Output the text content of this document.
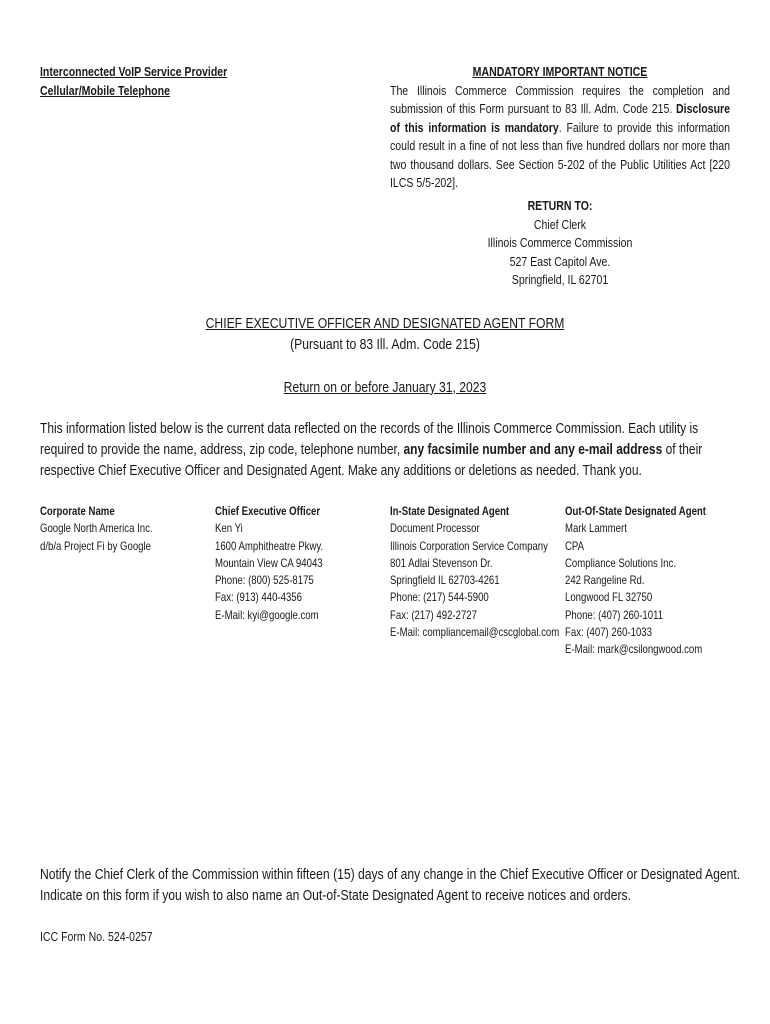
Interconnected VoIP Service Provider
Cellular/Mobile Telephone
MANDATORY IMPORTANT NOTICE
The Illinois Commerce Commission requires the completion and submission of this Form pursuant to 83 Ill. Adm. Code 215. Disclosure of this information is mandatory. Failure to provide this information could result in a fine of not less than five hundred dollars nor more than two thousand dollars. See Section 5-202 of the Public Utilities Act [220 ILCS 5/5-202].
RETURN TO:
Chief Clerk
Illinois Commerce Commission
527 East Capitol Ave.
Springfield, IL 62701
CHIEF EXECUTIVE OFFICER AND DESIGNATED AGENT FORM
(Pursuant to 83 Ill. Adm. Code 215)
Return on or before January 31, 2023
This information listed below is the current data reflected on the records of the Illinois Commerce Commission. Each utility is required to provide the name, address, zip code, telephone number, any facsimile number and any e-mail address of their respective Chief Executive Officer and Designated Agent. Make any additions or deletions as needed. Thank you.
Corporate Name
Google North America Inc.
d/b/a Project Fi by Google
Chief Executive Officer
Ken Yi
1600 Amphitheatre Pkwy.
Mountain View CA 94043
Phone: (800) 525-8175
Fax: (913) 440-4356
E-Mail: kyi@google.com
In-State Designated Agent
Document Processor
Illinois Corporation Service Company
801 Adlai Stevenson Dr.
Springfield IL 62703-4261
Phone: (217) 544-5900
Fax: (217) 492-2727
E-Mail: compliancemail@cscglobal.com
Out-Of-State Designated Agent
Mark Lammert
CPA
Compliance Solutions Inc.
242 Rangeline Rd.
Longwood FL 32750
Phone: (407) 260-1011
Fax: (407) 260-1033
E-Mail: mark@csilongwood.com
Notify the Chief Clerk of the Commission within fifteen (15) days of any change in the Chief Executive Officer or Designated Agent.
Indicate on this form if you wish to also name an Out-of-State Designated Agent to receive notices and orders.
ICC Form No. 524-0257
